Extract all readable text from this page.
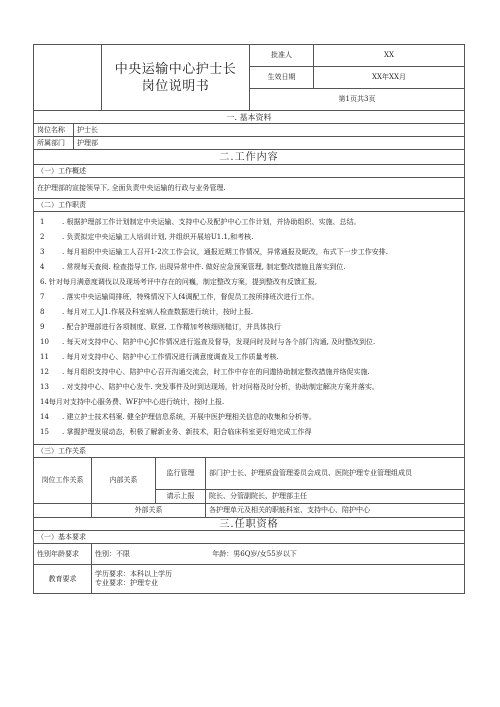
	中央运输中心护士长
岗位说明书	批准人	XX
		生效日期	XX年XX月
		第1页共3页	
一. 基本资料	
岗位名称	护士长
所属部门	护理部
二.工作内容
（一）工作概述
在护理部的宣接领导下, 全面负责中央运输的行政与业务管理.
（二）工作职责

1	. 根据护理部工作计划制定中央运输、支持中心及配护中心工作计划，并协助组织、实施、总结。
2	. 负责拟定中央运输工人培训计划, 并组织开展培U1.1,和考核.
3	. 每月祖织中央运输工人召开1-2次工作会议，通报近期工作情况，异常通报及昵改，布式下一步工作安排.
4	. 常规每天查阅. 检查指导工作, 出现异常中件. 做好应急预案管理, 制定整改措施且落实到位.
6. 针对每月满意度调伐以及现场考评中存在的问巍，制定整改方案，提到整改有反馈汇报,
7	. 落实中央运输周排班，特殊情况下人f4调配工作，督促员工按所排班次进行工作。
8	. 每月对工人J1.作展及科室病人检查数据进行统计，按时上报.
9	. 配合护理部进行各项制度、联营, 工作精加考核细则槌订，并具体执行
10	. 每天对支持中心、陪护中心JC作情况进行巡查及督导，发现问时及时与各个部门沟通, 及时整改到位.
11	. 每月对支持中心、陪护中心工作情况进行满意度调查及工作质量考核.
12	. 每月组织支持中心、陪护中心召开沟通交流会，时工作中存在的问遨协助制定整改措施并络促实施.
13	. 对支持中心、陪护中心发牛. 突发事件及时到达现场，针对问格及时分析，协助制定解决方案并落实。
14每月对支持中心服务费、WF护中心进行统计，按时上报.
14	. 建立护士技术档案. 健全护理信息系统，开展中医护理相关信息的收集和分析等。
15	. 掌握护理发展动态，积极了解新业务、新技术，阳合临床科室更好地完成工作得

（三）工作关系
岗位工作关系	内部关系	监行管理	部门护士长、护理质盘管理委员会成员、医院护理专业管理组成员
		请示上报	院长、分管副院长、护理部主任
	外部关系		各护理单元及相关的职能科室、支持中心、陪护中心
三.任职资格	
（一）基本要求	
性别年龄要求	性别：不限 年龄：男6Q岁/女55岁以下
教育要求	学历要求：本科以上学历
专业要求：护理专业
